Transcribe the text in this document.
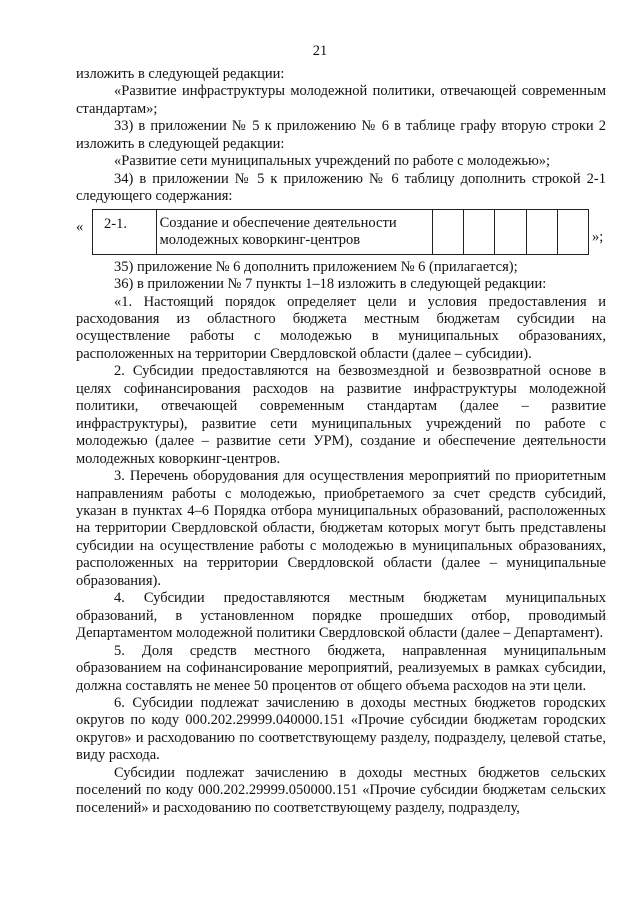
21

изложить в следующей редакции:

«Развитие инфраструктуры молодежной политики, отвечающей современным стандартам»;

33) в приложении № 5 к приложению № 6 в таблице графу вторую строки 2 изложить в следующей редакции:

«Развитие сети муниципальных учреждений по работе с молодежью»;

34) в приложении № 5 к приложению № 6 таблицу дополнить строкой 2-1 следующего содержания:

« 2-1.	Создание и обеспечение деятельности молодежных коворкинг-центров						»;

35) приложение № 6 дополнить приложением № 6 (прилагается);

36) в приложении № 7 пункты 1–18 изложить в следующей редакции:

«1. Настоящий порядок определяет цели и условия предоставления и расходования из областного бюджета местным бюджетам субсидии на осуществление работы с молодежью в муниципальных образованиях, расположенных на территории Свердловской области (далее – субсидии).

2. Субсидии предоставляются на безвозмездной и безвозвратной основе в целях софинансирования расходов на развитие инфраструктуры молодежной политики, отвечающей современным стандартам (далее – развитие инфраструктуры), развитие сети муниципальных учреждений по работе с молодежью (далее – развитие сети УРМ), создание и обеспечение деятельности молодежных коворкинг-центров.

3. Перечень оборудования для осуществления мероприятий по приоритетным направлениям работы с молодежью, приобретаемого за счет средств субсидий, указан в пунктах 4–6 Порядка отбора муниципальных образований, расположенных на территории Свердловской области, бюджетам которых могут быть представлены субсидии на осуществление работы с молодежью в муниципальных образованиях, расположенных на территории Свердловской области (далее – муниципальные образования).

4. Субсидии предоставляются местным бюджетам муниципальных образований, в установленном порядке прошедших отбор, проводимый Департаментом молодежной политики Свердловской области (далее – Департамент).

5. Доля средств местного бюджета, направленная муниципальным образованием на софинансирование мероприятий, реализуемых в рамках субсидии, должна составлять не менее 50 процентов от общего объема расходов на эти цели.

6. Субсидии подлежат зачислению в доходы местных бюджетов городских округов по коду 000.202.29999.040000.151 «Прочие субсидии бюджетам городских округов» и расходованию по соответствующему разделу, подразделу, целевой статье, виду расхода.

Субсидии подлежат зачислению в доходы местных бюджетов сельских поселений по коду 000.202.29999.050000.151 «Прочие субсидии бюджетам сельских поселений» и расходованию по соответствующему разделу, подразделу,
